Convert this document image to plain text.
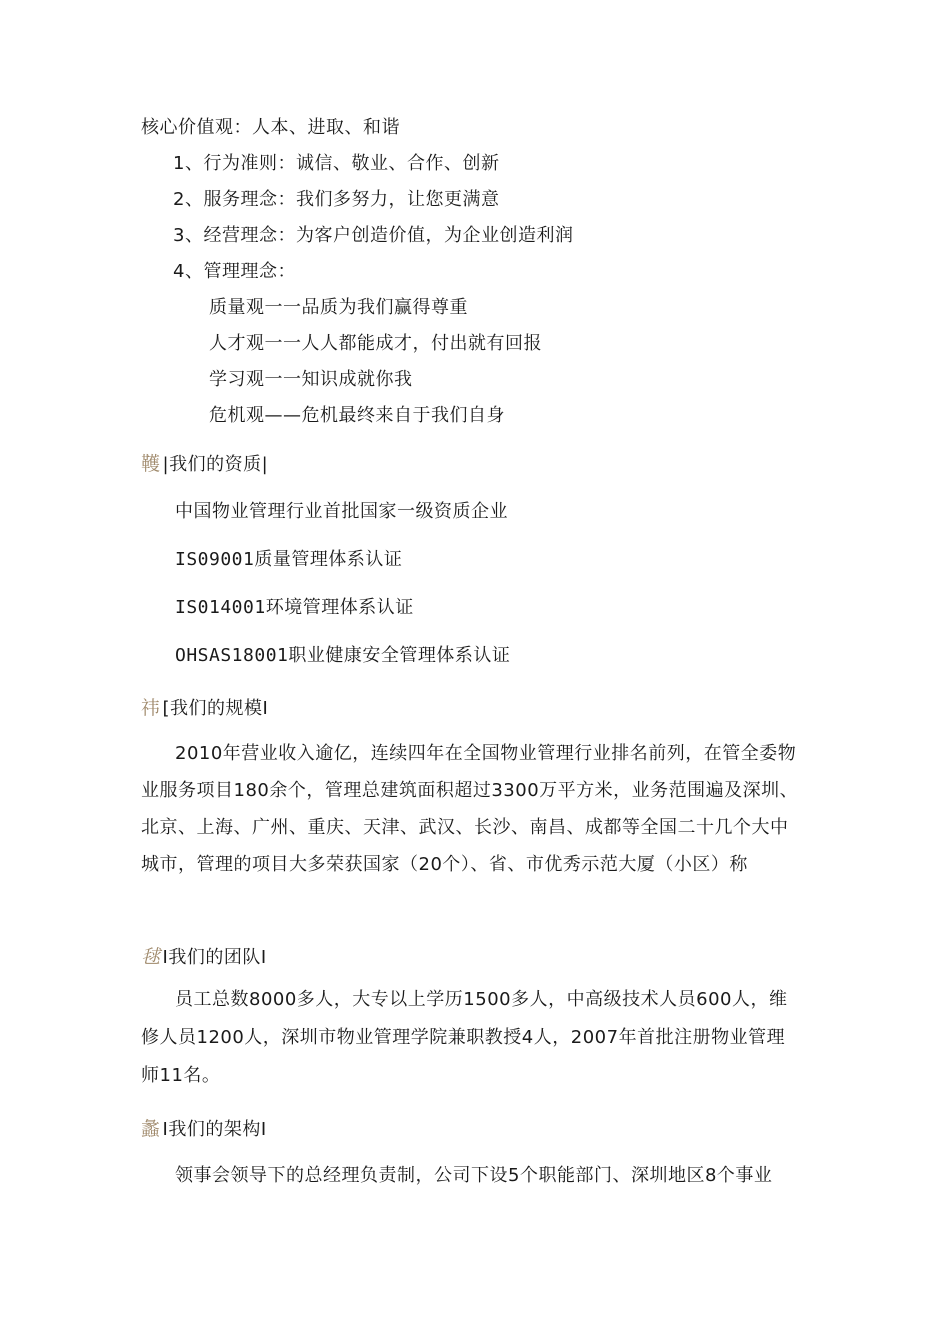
核心价值观：人本、进取、和谐
1、行为准则：诚信、敬业、合作、创新
2、服务理念：我们多努力，让您更满意
3、经营理念：为客户创造价值，为企业创造利润
4、管理理念：
质量观一一品质为我们赢得尊重
人才观一一人人都能成才，付出就有回报
学习观一一知识成就你我
危机观——危机最终来自于我们自身
韄 |我们的资质|
中国物业管理行业首批国家一级资质企业
IS09001质量管理体系认证
IS014001环境管理体系认证
OHSAS18001职业健康安全管理体系认证
祎 [我们的规模I
2010年营业收入逾亿，连续四年在全国物业管理行业排名前列，在管全委物
业服务项目180余个，管理总建筑面积超过3300万平方米，业务范围遍及深圳、
北京、上海、广州、重庆、天津、武汉、长沙、南昌、成都等全国二十几个大中
城市，管理的项目大多荣获国家（20个）、省、市优秀示范大厦（小区）称
毬 I我们的团队I
员工总数8000多人，大专以上学历1500多人，中高级技术人员600人，维
修人员1200人，深圳市物业管理学院兼职教授4人，2007年首批注册物业管理
师11名。
蠡 I我们的架构I
领事会领导下的总经理负责制，公司下设5个职能部门、深圳地区8个事业
